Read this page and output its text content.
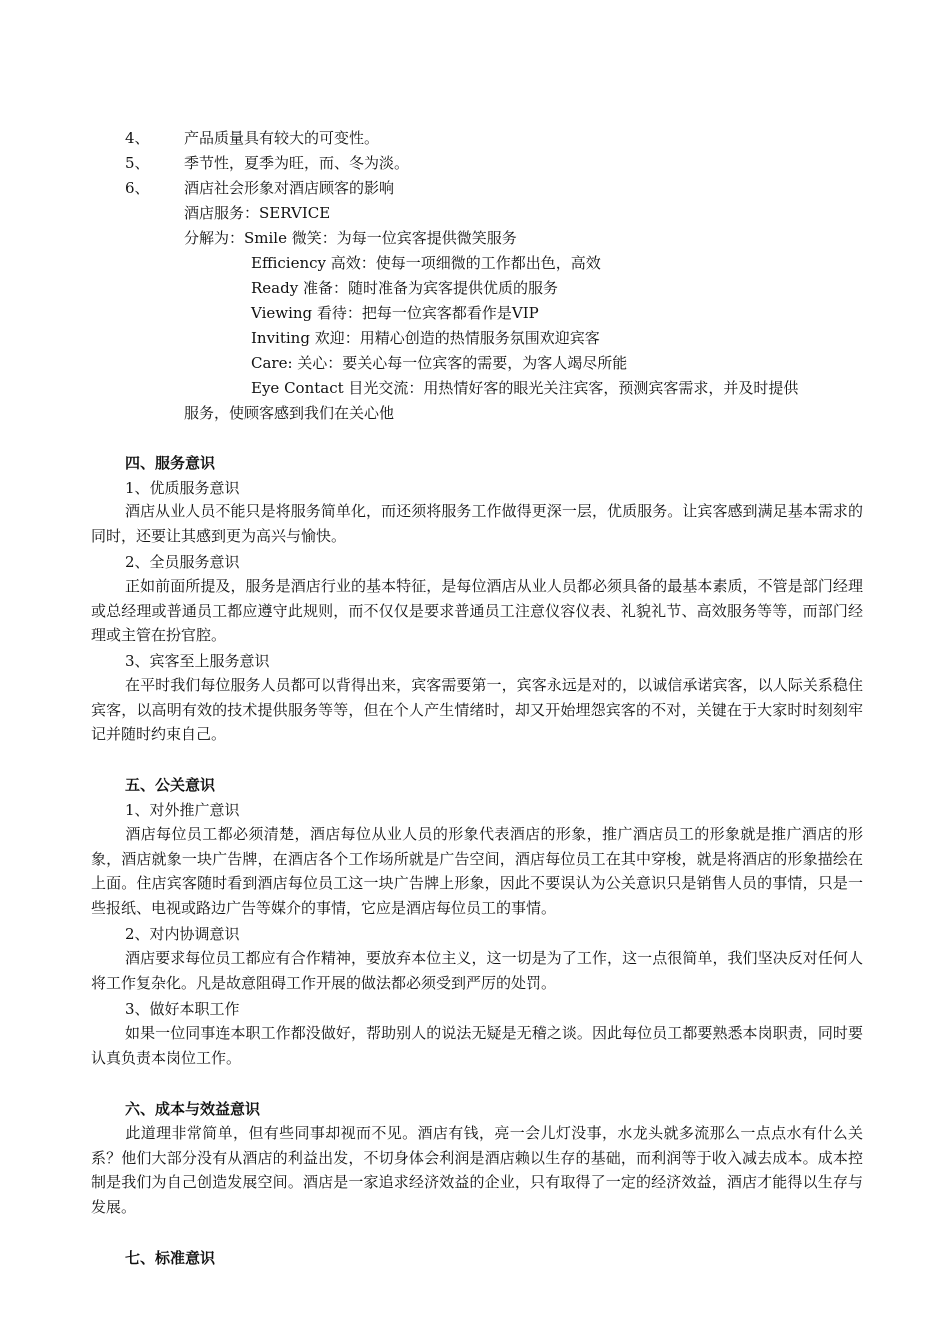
4、 产品质量具有较大的可变性。
5、 季节性，夏季为旺，而、冬为淡。
6、 酒店社会形象对酒店顾客的影响
酒店服务：SERVICE
分解为：Smile 微笑：为每一位宾客提供微笑服务
Efficiency 高效：使每一项细微的工作都出色，高效
Ready 准备：随时准备为宾客提供优质的服务
Viewing 看待：把每一位宾客都看作是VIP
Inviting 欢迎：用精心创造的热情服务氛围欢迎宾客
Care: 关心：要关心每一位宾客的需要，为客人竭尽所能
Eye Contact 目光交流：用热情好客的眼光关注宾客，预测宾客需求，并及时提供
服务，使顾客感到我们在关心他
四、服务意识
1、优质服务意识
酒店从业人员不能只是将服务简单化，而还须将服务工作做得更深一层，优质服务。让宾客感到满足基本需求的同时，还要让其感到更为高兴与愉快。
2、全员服务意识
正如前面所提及，服务是酒店行业的基本特征，是每位酒店从业人员都必须具备的最基本素质，不管是部门经理或总经理或普通员工都应遵守此规则，而不仅仅是要求普通员工注意仪容仪表、礼貌礼节、高效服务等等，而部门经理或主管在扮官腔。
3、宾客至上服务意识
在平时我们每位服务人员都可以背得出来，宾客需要第一，宾客永远是对的，以诚信承诺宾客，以人际关系稳住宾客，以高明有效的技术提供服务等等，但在个人产生情绪时，却又开始埋怨宾客的不对，关键在于大家时时刻刻牢记并随时约束自己。
五、公关意识
1、对外推广意识
酒店每位员工都必须清楚，酒店每位从业人员的形象代表酒店的形象，推广酒店员工的形象就是推广酒店的形象，酒店就象一块广告牌，在酒店各个工作场所就是广告空间，酒店每位员工在其中穿梭，就是将酒店的形象描绘在上面。住店宾客随时看到酒店每位员工这一块广告牌上形象，因此不要误认为公关意识只是销售人员的事情，只是一些报纸、电视或路边广告等媒介的事情，它应是酒店每位员工的事情。
2、对内协调意识
酒店要求每位员工都应有合作精神，要放弃本位主义，这一切是为了工作，这一点很简单，我们坚决反对任何人将工作复杂化。凡是故意阻碍工作开展的做法都必须受到严厉的处罚。
3、做好本职工作
如果一位同事连本职工作都没做好，帮助别人的说法无疑是无稽之谈。因此每位员工都要熟悉本岗职责，同时要认真负责本岗位工作。
六、成本与效益意识
此道理非常简单，但有些同事却视而不见。酒店有钱，亮一会儿灯没事，水龙头就多流那么一点点水有什么关系？他们大部分没有从酒店的利益出发，不切身体会利润是酒店赖以生存的基础，而利润等于收入减去成本。成本控制是我们为自己创造发展空间。酒店是一家追求经济效益的企业，只有取得了一定的经济效益，酒店才能得以生存与发展。
七、标准意识
